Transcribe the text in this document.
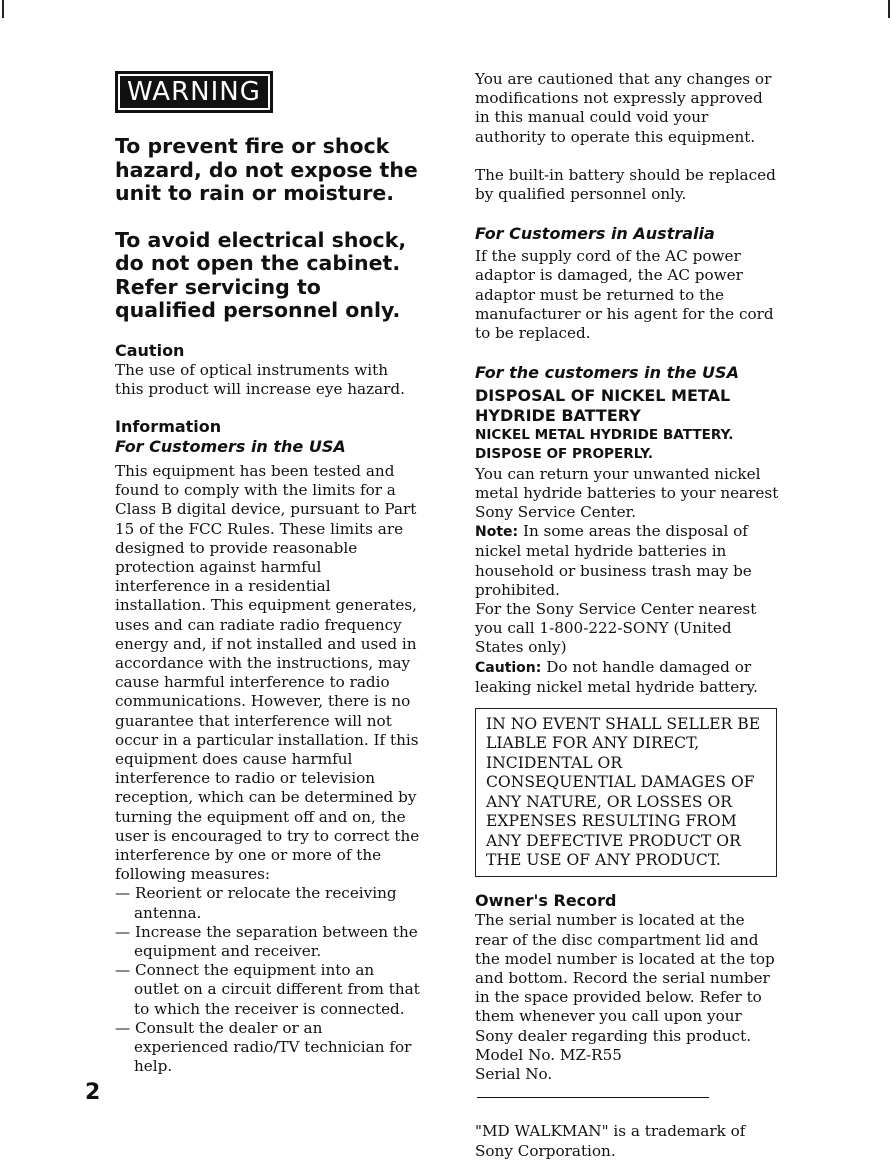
WARNING
To prevent fire or shock hazard, do not expose the unit to rain or moisture.
To avoid electrical shock, do not open the cabinet. Refer servicing to qualified personnel only.
Caution

The use of optical instruments with this product will increase eye hazard.

Information
For Customers in the USA

This equipment has been tested and found to comply with the limits for a Class B digital device, pursuant to Part 15 of the FCC Rules. These limits are designed to provide reasonable protection against harmful interference in a residential installation. This equipment generates, uses and can radiate radio frequency energy and, if not installed and used in accordance with the instructions, may cause harmful interference to radio communications. However, there is no guarantee that interference will not occur in a particular installation. If this equipment does cause harmful interference to radio or television reception, which can be determined by turning the equipment off and on, the user is encouraged to try to correct the interference by one or more of the following measures:

— Reorient or relocate the receiving antenna.
— Increase the separation between the equipment and receiver.
— Connect the equipment into an outlet on a circuit different from that to which the receiver is connected.
— Consult the dealer or an experienced radio/TV technician for help.

You are cautioned that any changes or modifications not expressly approved in this manual could void your authority to operate this equipment.

The built-in battery should be replaced by qualified personnel only.

For Customers in Australia

If the supply cord of the AC power adaptor is damaged, the AC power adaptor must be returned to the manufacturer or his agent for the cord to be replaced.

For the customers in the USA
DISPOSAL OF NICKEL METAL HYDRIDE BATTERY
NICKEL METAL HYDRIDE BATTERY. DISPOSE OF PROPERLY.

You can return your unwanted nickel metal hydride batteries to your nearest Sony Service Center.

Note: In some areas the disposal of nickel metal hydride batteries in household or business trash may be prohibited.

For the Sony Service Center nearest you call 1-800-222-SONY (United States only)

Caution: Do not handle damaged or leaking nickel metal hydride battery.

IN NO EVENT SHALL SELLER BE LIABLE FOR ANY DIRECT, INCIDENTAL OR CONSEQUENTIAL DAMAGES OF ANY NATURE, OR LOSSES OR EXPENSES RESULTING FROM ANY DEFECTIVE PRODUCT OR THE USE OF ANY PRODUCT.
Owner's Record

The serial number is located at the rear of the disc compartment lid and the model number is located at the top and bottom. Record the serial number in the space provided below. Refer to them whenever you call upon your Sony dealer regarding this product.

Model No. MZ-R55

Serial No.

"MD WALKMAN" is a trademark of Sony Corporation.

2
